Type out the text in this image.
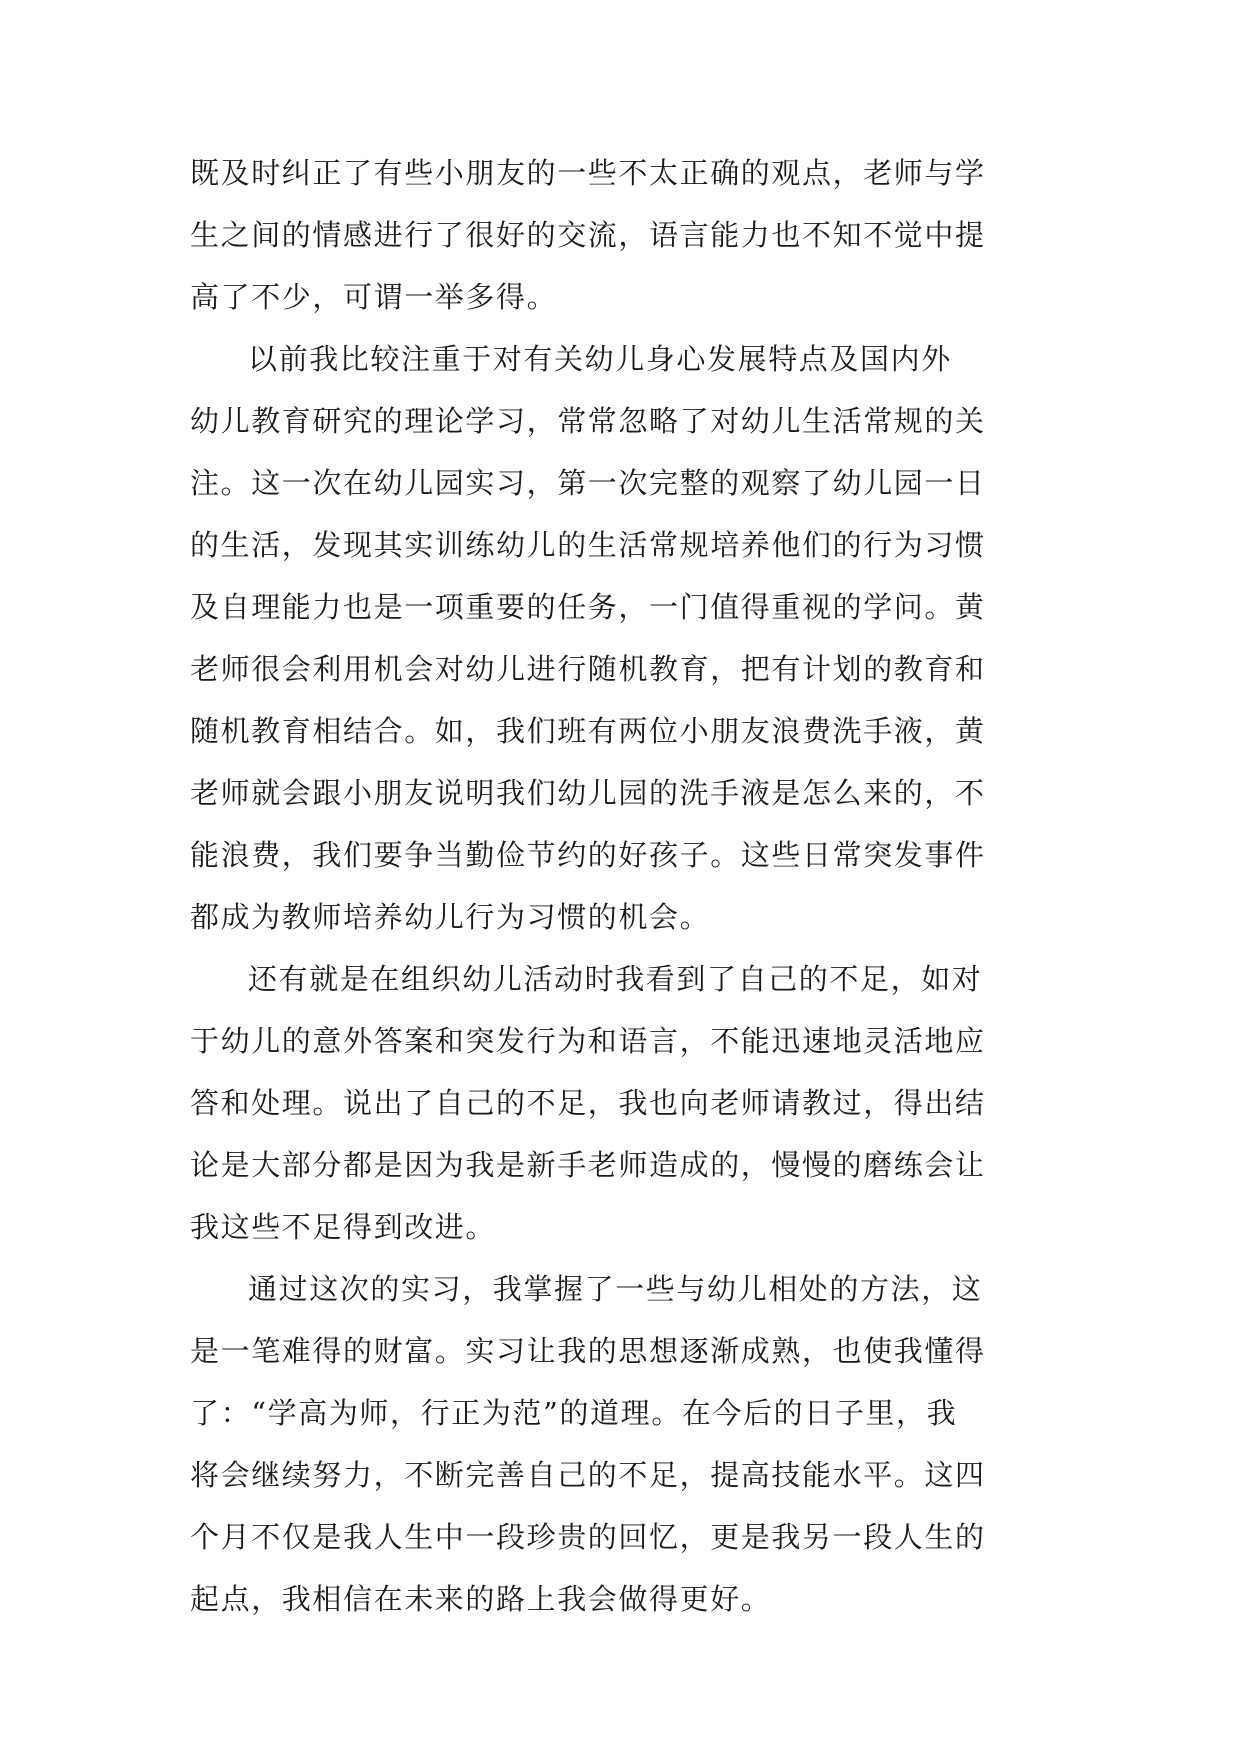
既及时纠正了有些小朋友的一些不太正确的观点，老师与学
生之间的情感进行了很好的交流，语言能力也不知不觉中提
高了不少，可谓一举多得。
以前我比较注重于对有关幼儿身心发展特点及国内外
幼儿教育研究的理论学习，常常忽略了对幼儿生活常规的关
注。这一次在幼儿园实习，第一次完整的观察了幼儿园一日
的生活，发现其实训练幼儿的生活常规培养他们的行为习惯
及自理能力也是一项重要的任务，一门值得重视的学问。黄
老师很会利用机会对幼儿进行随机教育，把有计划的教育和
随机教育相结合。如，我们班有两位小朋友浪费洗手液，黄
老师就会跟小朋友说明我们幼儿园的洗手液是怎么来的，不
能浪费，我们要争当勤俭节约的好孩子。这些日常突发事件
都成为教师培养幼儿行为习惯的机会。
还有就是在组织幼儿活动时我看到了自己的不足，如对
于幼儿的意外答案和突发行为和语言，不能迅速地灵活地应
答和处理。说出了自己的不足，我也向老师请教过，得出结
论是大部分都是因为我是新手老师造成的，慢慢的磨练会让
我这些不足得到改进。
通过这次的实习，我掌握了一些与幼儿相处的方法，这
是一笔难得的财富。实习让我的思想逐渐成熟，也使我懂得
了：“学高为师，行正为范”的道理。在今后的日子里，我
将会继续努力，不断完善自己的不足，提高技能水平。这四
个月不仅是我人生中一段珍贵的回忆，更是我另一段人生的
起点，我相信在未来的路上我会做得更好。
